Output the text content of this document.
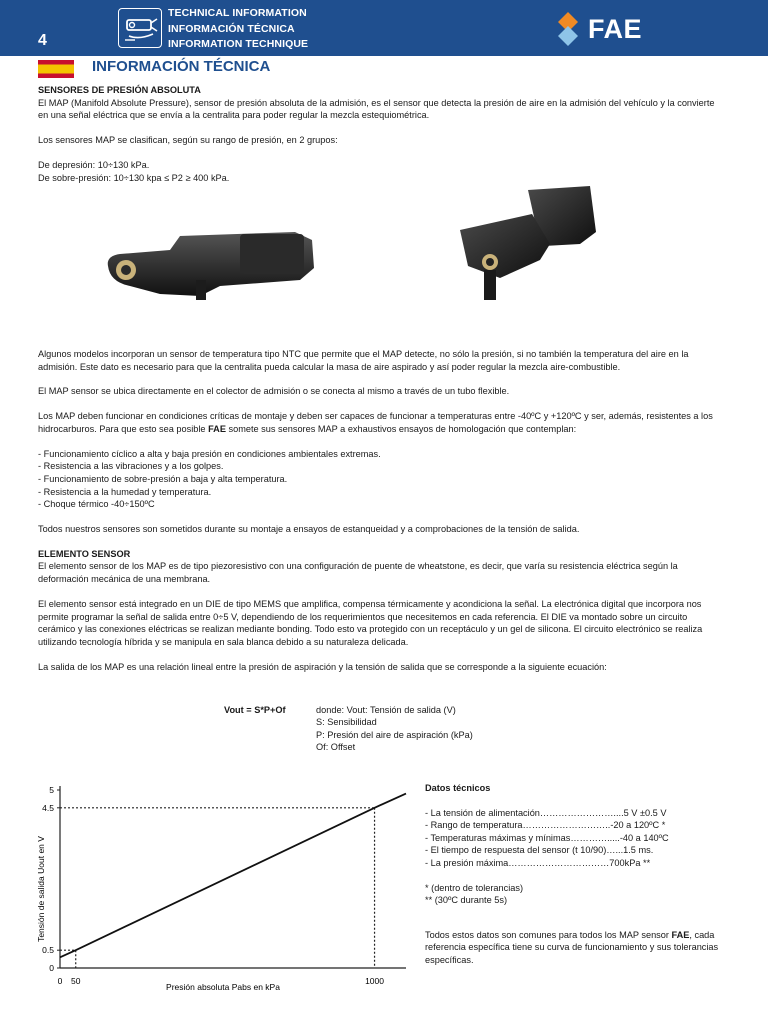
4
TECHNICAL INFORMATION
INFORMACIÓN TÉCNICA
INFORMATION TECHNIQUE
FAE
INFORMACIÓN TÉCNICA

SENSORES DE PRESIÓN ABSOLUTA

El MAP (Manifold Absolute Pressure), sensor de presión absoluta de la admisión, es el sensor que detecta la presión de aire en la admisión del vehículo y la convierte en una señal eléctrica que se envía a la centralita para poder regular la mezcla estequiométrica.

Los sensores MAP se clasifican, según su rango de presión, en 2 grupos:

De depresión: 10÷130 kPa.

De sobre-presión: 10÷130 kpa ≤ P2 ≥ 400 kPa.

Algunos modelos incorporan un sensor de temperatura tipo NTC que permite que el MAP detecte, no sólo la presión, si no también la temperatura del aire en la admisión. Este dato es necesario para que la centralita pueda calcular la masa de aire aspirado y así poder regular la mezcla aire-combustible.

El MAP sensor se ubica directamente en el colector de admisión o se conecta al mismo a través de un tubo flexible.

Los MAP deben funcionar en condiciones críticas de montaje y deben ser capaces de funcionar a temperaturas entre -40ºC y +120ºC y ser, además, resistentes a los hidrocarburos. Para que esto sea posible FAE somete sus sensores MAP a exhaustivos ensayos de homologación que contemplan:

- Funcionamiento cíclico a alta y baja presión en condiciones ambientales extremas.

- Resistencia a las vibraciones y a los golpes.

- Funcionamiento de sobre-presión a baja y alta temperatura.

- Resistencia a la humedad y temperatura.

- Choque térmico -40÷150ºC

Todos nuestros sensores son sometidos durante su montaje a ensayos de estanqueidad y a comprobaciones de la tensión de salida.

ELEMENTO SENSOR

El elemento sensor de los MAP es de tipo piezoresistivo con una configuración de puente de wheatstone, es decir, que varía su resistencia eléctrica según la deformación mecánica de una membrana.

El elemento sensor está integrado en un DIE de tipo MEMS que amplifica, compensa térmicamente y acondiciona la señal. La electrónica digital que incorpora nos permite programar la señal de salida entre 0÷5 V, dependiendo de los requerimientos que necesitemos en cada referencia. El DIE va montado sobre un circuito cerámico y las conexiones eléctricas se realizan mediante bonding. Todo esto va protegido con un receptáculo y un gel de silicona. El circuito electrónico se realiza utilizando tecnología híbrida y se manipula en sala blanca debido a su naturaleza delicada.

La salida de los MAP es una relación lineal entre la presión de aspiración y la tensión de salida que se corresponde a la siguiente ecuación:

Vout = S*P+Of	donde: Vout: Tensión de salida (V)
S: Sensibilidad
P: Presión del aire de aspiración (kPa)
Of: Offset
0
0.5
4.5
5
0 50	1000
Presión absoluta Pabs en kPa
Tensión de salida Uout en V
Datos técnicos
- La tensión de alimentación……………………....5 V ±0.5 V
- Rango de temperatura………………………..-20 a 120ºC *
- Temperaturas máximas y mínimas………….....-40 a 140ºC
- El tiempo de respuesta del sensor (t 10/90)…...1.5 ms.
- La presión máxima……………………………700kPa **
* (dentro de tolerancias)
** (30ºC durante 5s)
Todos estos datos son comunes para todos los MAP sensor FAE, cada referencia específica tiene su curva de funcionamiento y sus tolerancias específicas.
